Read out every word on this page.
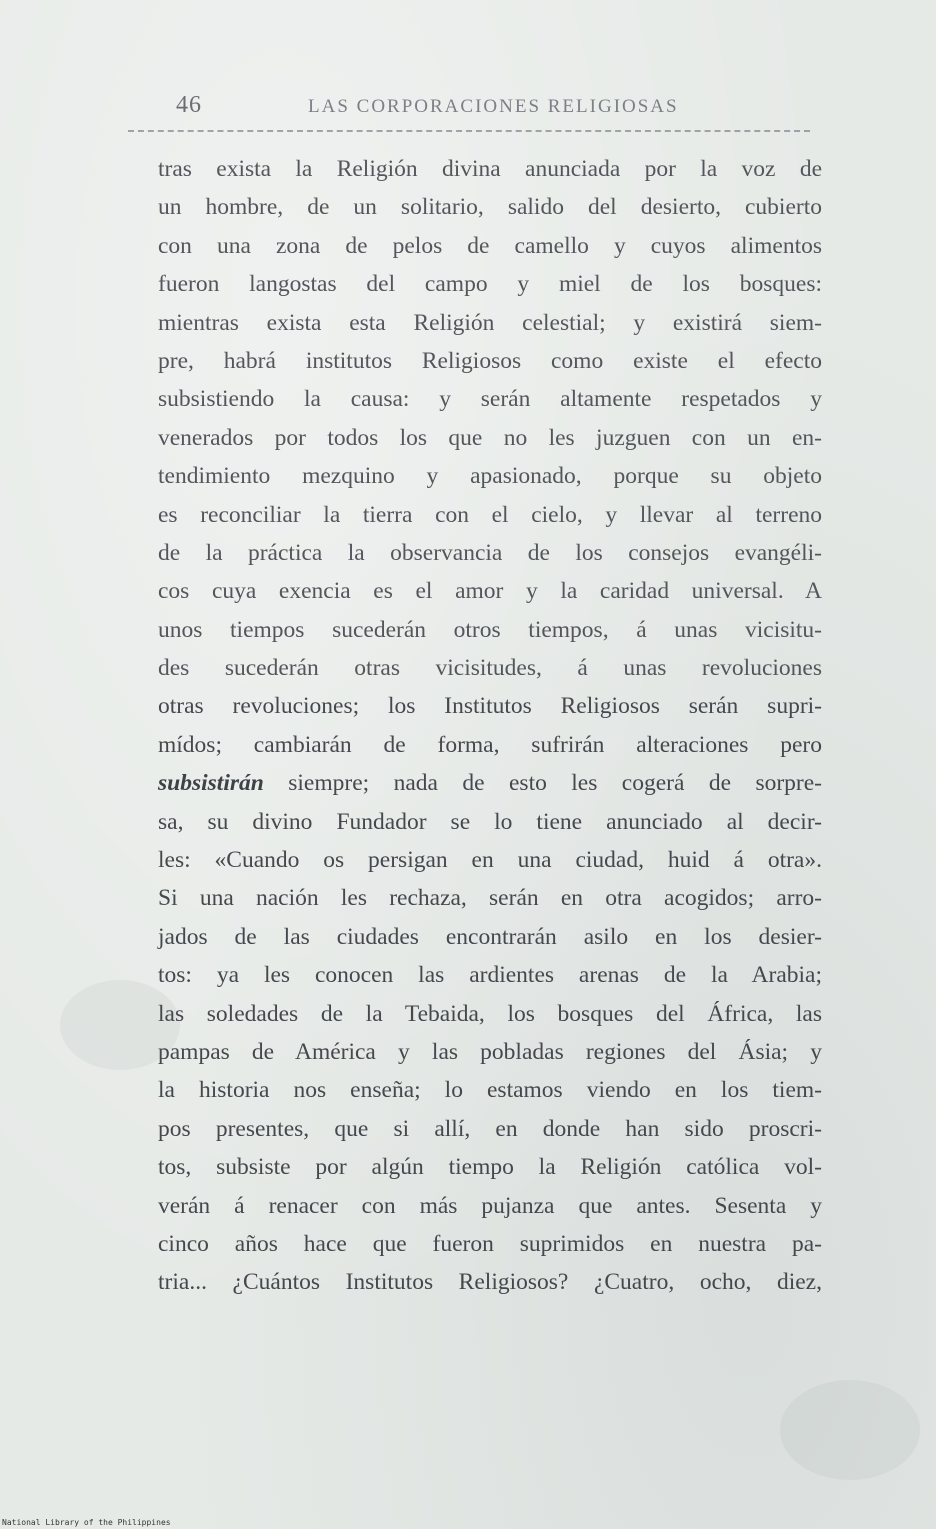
46	LAS CORPORACIONES RELIGIOSAS
tras exista la Religión divina anunciada por la voz de
un hombre, de un solitario, salido del desierto, cubierto
con una zona de pelos de camello y cuyos alimentos
fueron langostas del campo y miel de los bosques:
mientras exista esta Religión celestial; y existirá siem-
pre, habrá institutos Religiosos como existe el efecto
subsistiendo la causa: y serán altamente respetados y
venerados por todos los que no les juzguen con un en-
tendimiento mezquino y apasionado, porque su objeto
es reconciliar la tierra con el cielo, y llevar al terreno
de la práctica la observancia de los consejos evangéli-
cos cuya exencia es el amor y la caridad universal. A
unos tiempos sucederán otros tiempos, á unas vicisitu-
des sucederán otras vicisitudes, á unas revoluciones
otras revoluciones; los Institutos Religiosos serán supri-
mídos; cambiarán de forma, sufrirán alteraciones pero
subsistirán siempre; nada de esto les cogerá de sorpre-
sa, su divino Fundador se lo tiene anunciado al decir-
les: «Cuando os persigan en una ciudad, huid á otra».
Si una nación les rechaza, serán en otra acogidos; arro-
jados de las ciudades encontrarán asilo en los desier-
tos: ya les conocen las ardientes arenas de la Arabia;
las soledades de la Tebaida, los bosques del África, las
pampas de América y las pobladas regiones del Ásia; y
la historia nos enseña; lo estamos viendo en los tiem-
pos presentes, que si allí, en donde han sido proscri-
tos, subsiste por algún tiempo la Religión católica vol-
verán á renacer con más pujanza que antes. Sesenta y
cinco años hace que fueron suprimidos en nuestra pa-
tria... ¿Cuántos Institutos Religiosos? ¿Cuatro, ocho, diez,
National Library of the Philippines
